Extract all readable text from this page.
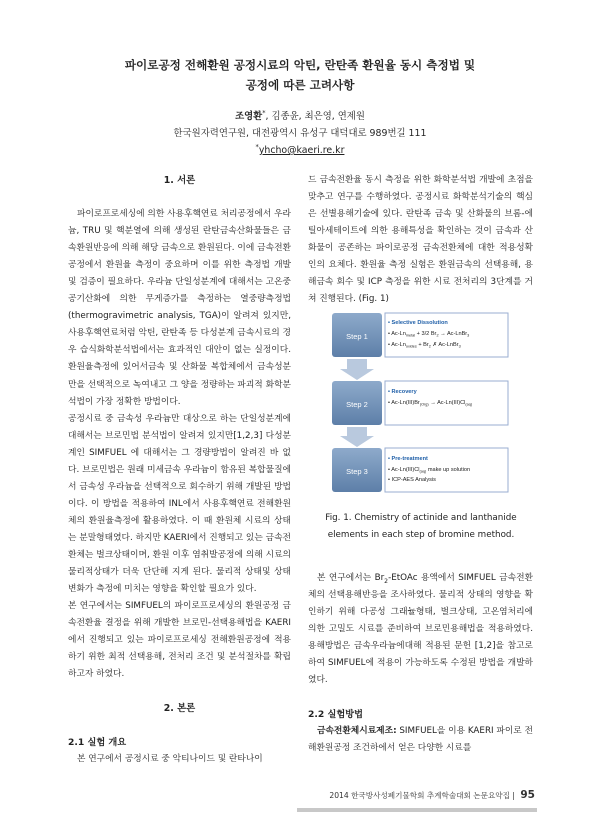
파이로공정 전해환원 공정시료의 악틴, 란탄족 환원율 동시 측정법 및
공정에 따른 고려사항
조영환*, 김종윤, 최은영, 연제원
한국원자력연구원, 대전광역시 유성구 대덕대로 989번길 111
*yhcho@kaeri.re.kr

1. 서론

파이로프로세싱에 의한 사용후핵연료 처리공정에서 우라늄, TRU 및 핵분열에 의해 생성된 란탄금속산화물들은 금속환원반응에 의해 해당 금속으로 환원된다. 이에 금속전환공정에서 환원율 측정이 중요하며 이를 위한 측정법 개발 및 검증이 필요하다. 우라늄 단일성분계에 대해서는 고온중 공기산화에 의한 무게증가를 측정하는 열중량측정법(thermogravimetric analysis, TGA)이 알려져 있지만, 사용후핵연료처럼 악틴, 란탄족 등 다성분계 금속시료의 경우 습식화학분석법에서는 효과적인 대안이 없는 실정이다. 환원율측정에 있어서금속 및 산화물 복합체에서 금속성분만을 선택적으로 녹여내고 그 양을 정량하는 파괴적 화학분석법이 가장 정확한 방법이다.

공정시료 중 금속성 우라늄만 대상으로 하는 단일성분계에 대해서는 브로민법 분석법이 알려져 있지만[1,2,3] 다성분계인 SIMFUEL 에 대해서는 그 경량방법이 알려진 바 없다. 브로민법은 원래 미세금속 우라늄이 함유된 복합물질에서 금속성 우라늄을 선택적으로 회수하기 위해 개발된 방법이다. 이 방법을 적용하여 INL에서 사용후핵연료 전해환원체의 환원율측정에 활용하였다. 이 때 환원체 시료의 상태는 분말형태였다. 하지만 KAERI에서 진행되고 있는 금속전환체는 벌크상태이며, 환원 이후 염취발공정에 의해 시료의 물리적상태가 더욱 단단해 지게 된다. 물리적 상태및 상태변화가 측정에 미치는 영향을 확인할 필요가 있다.

본 연구에서는 SIMFUEL의 파이로프로세싱의 환원공정 금속전환율 결정을 위해 개발한 브로민-선택용해법을 KAERI에서 진행되고 있는 파이로프로세싱 전해환원공정에 적용하기 위한 최적 선택용해, 전처리 조건 및 분석절차를 확립하고자 하였다.

2. 본론

2.1 실험 개요

본 연구에서 공정시료 중 악티나이드 및 란타나이

드 금속전환율 동시 측정을 위한 화학분석법 개발에 초점을 맞추고 연구를 수행하였다. 공정시료 화학분석기술의 핵심은 선별용해기술에 있다. 란탄족 금속 및 산화물의 브롬-에틸아세테이트에 의한 용해특성을 확인하는 것이 금속과 산화물이 공존하는 파이로공정 금속전환체에 대한 적용성확인의 요체다. 환원율 측정 실험은 환원금속의 선택용해, 용해금속 회수 및 ICP 측정을 위한 시료 전처리의 3단계를 거쳐 진행된다. (Fig. 1)

Step 1
Step 2
Step 3
• Selective Dissolution
• $Ac-Ln_{metal} + 3/2$ $Br_2$ → Ac-LnBr$_3$
• $Ac-Ln_{oxides} + Br_2$ ✗ Ac-LnBr$_3$
• Recovery
• $Ac-Ln(III)Br_{(Org)} \to Ac-Ln(III)Cl_{(aq)}$
• Pre-treatment
• $Ac-Ln(III)Cl_{(aq)}$ make up solution
• ICP-AES Analysis
Fig. 1. Chemistry of actinide and lanthanide elements in each step of bromine method.

본 연구에서는 $Br_2$-EtOAc 용액에서 SIMFUEL 금속전환체의 선택용해반응을 조사하였다. 물리적 상태의 영향을 확인하기 위해 다공성 그래뉼형태, 벌크상태, 고온염처리에 의한 고밀도 시료를 준비하여 브로민용해법을 적용하였다. 용해방법은 금속우라늄에대해 적용된 문헌 [1,2]을 참고로 하여 SIMFUEL에 적용이 가능하도록 수정된 방법을 개발하였다.

2.2 실험방법

금속전환체시료제조: SIMFUEL을 이용 KAERI 파이로 전해환원공정 조건하에서 얻은 다양한 시료를

2014 한국방사성폐기물학회 추계학술대회 논문요약집 | 95
